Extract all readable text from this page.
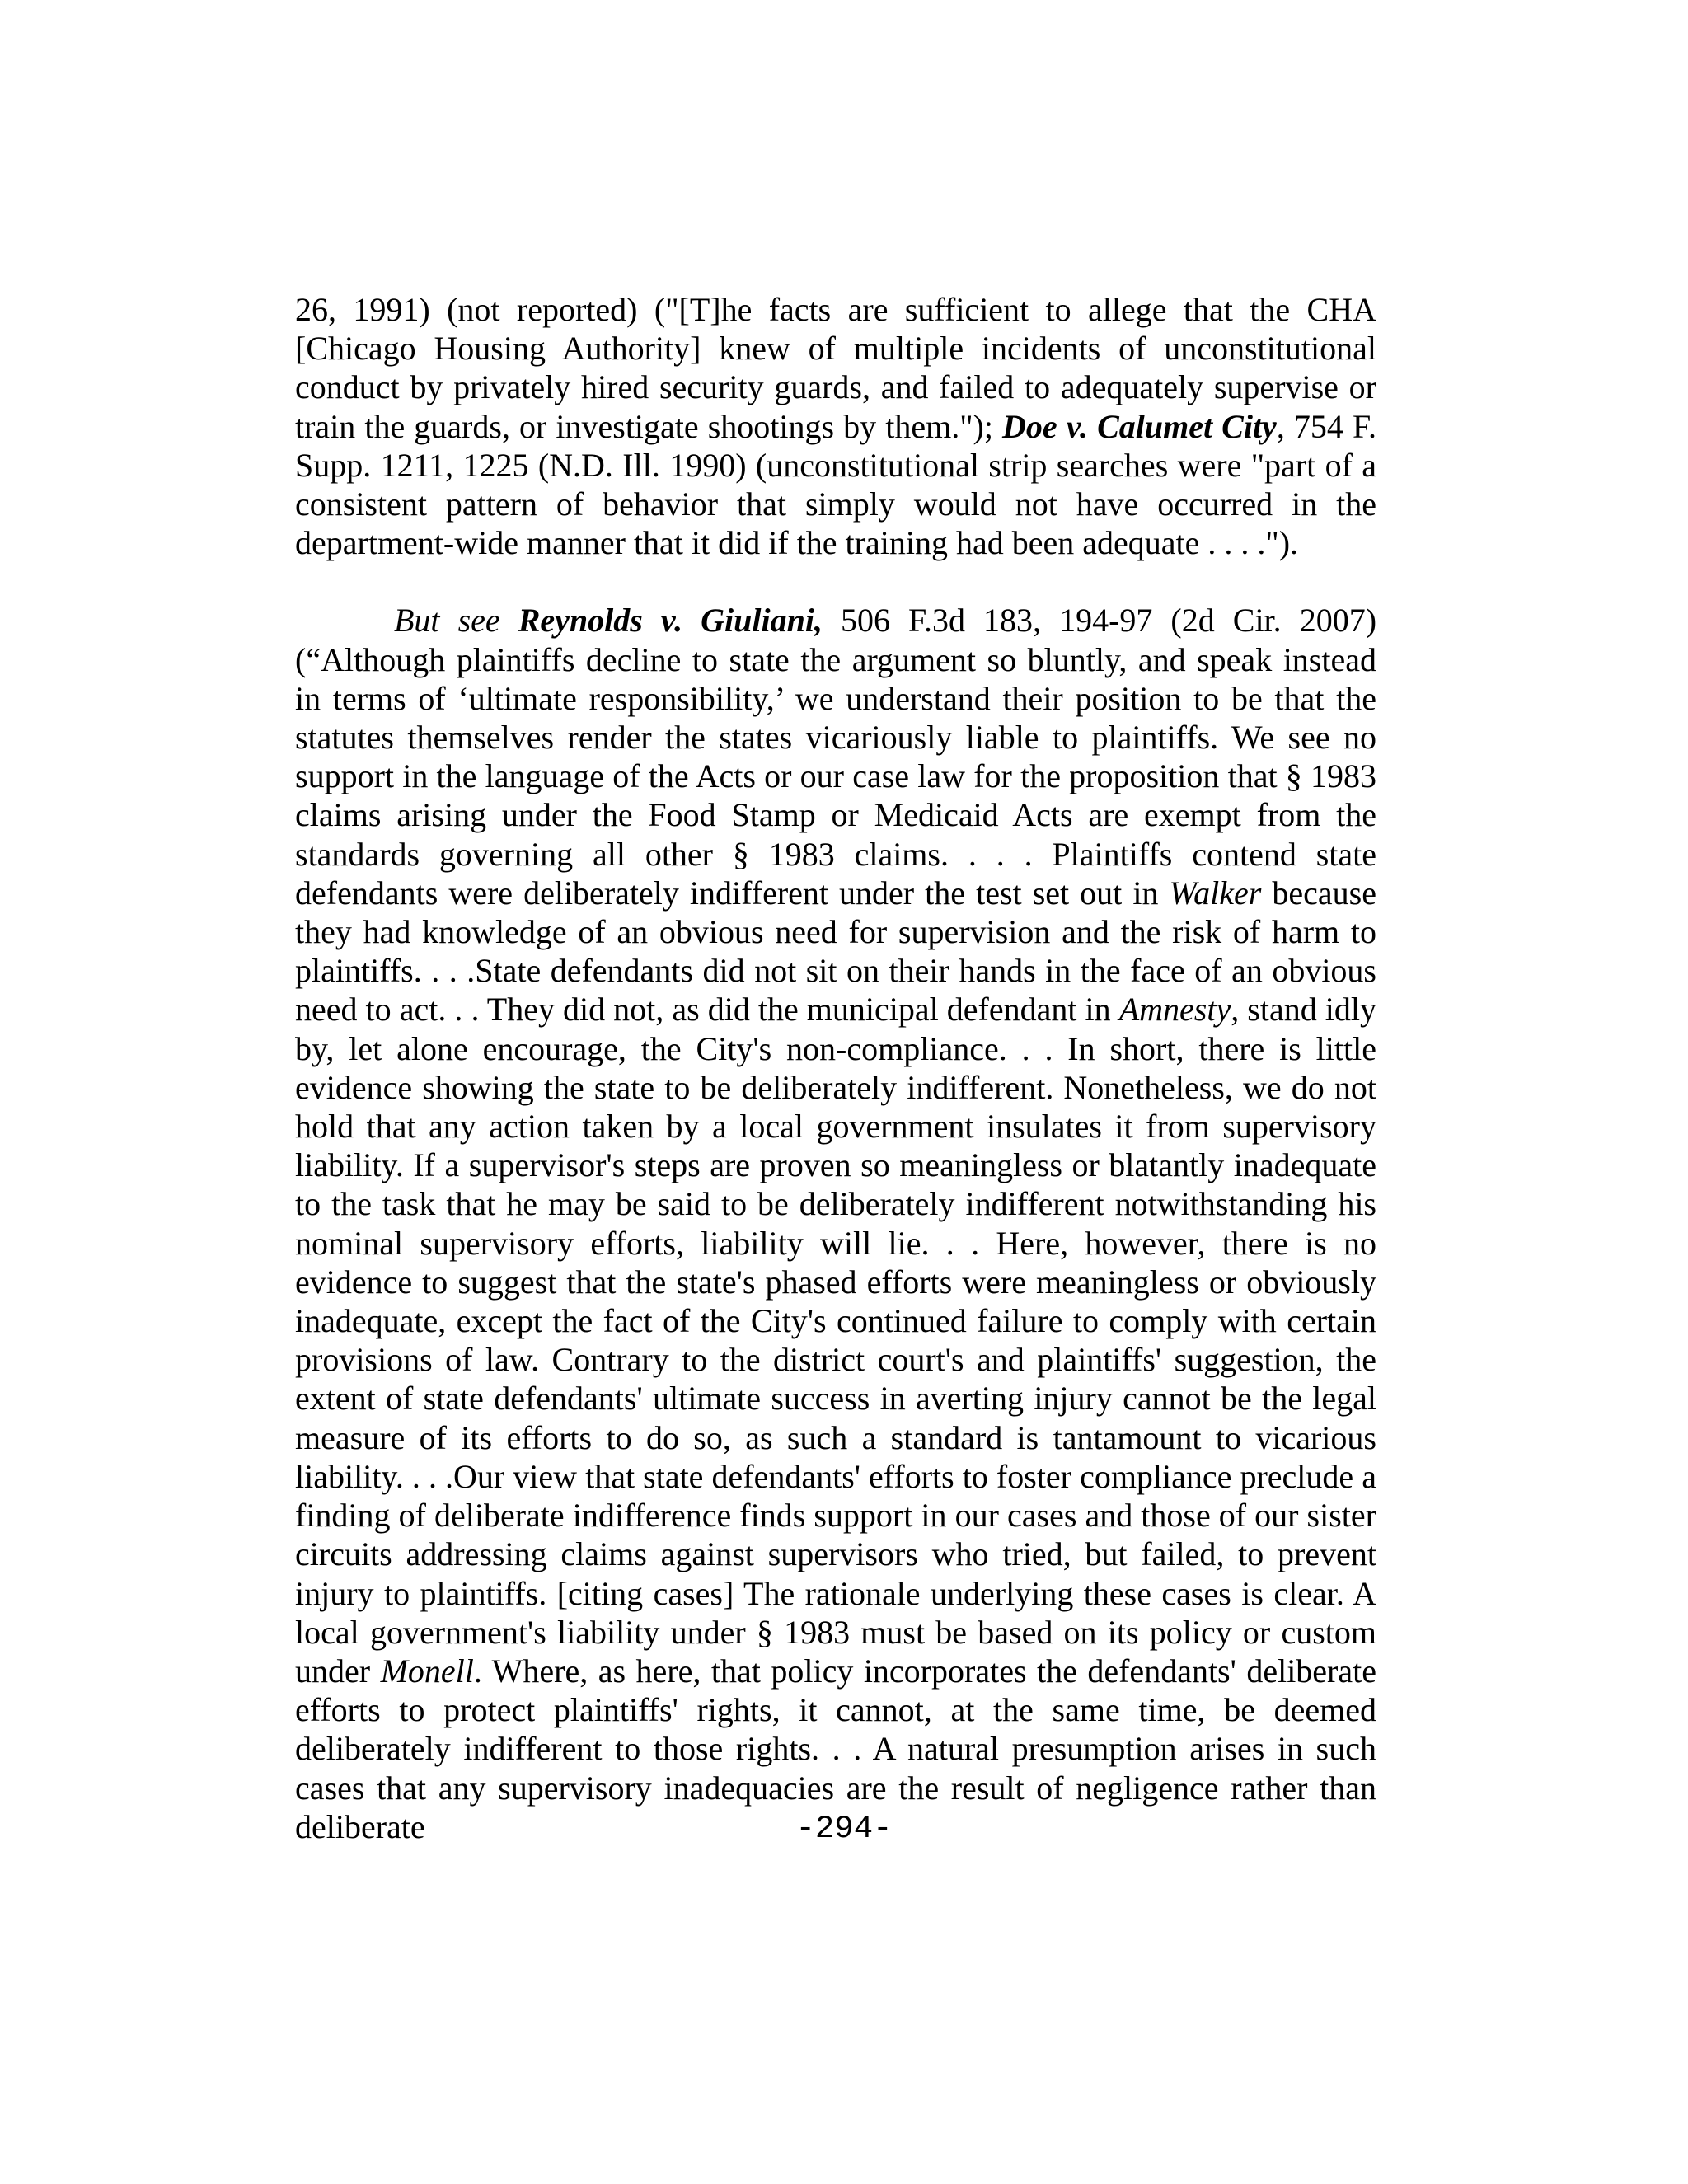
26, 1991) (not reported) ("[T]he facts are sufficient to allege that the CHA [Chicago Housing Authority] knew of multiple incidents of unconstitutional conduct by privately hired security guards, and failed to adequately supervise or train the guards, or investigate shootings by them."); Doe v. Calumet City, 754 F. Supp. 1211, 1225 (N.D. Ill. 1990) (unconstitutional strip searches were "part of a consistent pattern of behavior that simply would not have occurred in the department-wide manner that it did if the training had been adequate . . . .").

But see Reynolds v. Giuliani, 506 F.3d 183, 194-97 (2d Cir. 2007) (“Although plaintiffs decline to state the argument so bluntly, and speak instead in terms of ‘ultimate responsibility,’ we understand their position to be that the statutes themselves render the states vicariously liable to plaintiffs. We see no support in the language of the Acts or our case law for the proposition that § 1983 claims arising under the Food Stamp or Medicaid Acts are exempt from the standards governing all other § 1983 claims. . . . Plaintiffs contend state defendants were deliberately indifferent under the test set out in Walker because they had knowledge of an obvious need for supervision and the risk of harm to plaintiffs. . . .State defendants did not sit on their hands in the face of an obvious need to act. . . They did not, as did the municipal defendant in Amnesty, stand idly by, let alone encourage, the City's non-compliance. . . In short, there is little evidence showing the state to be deliberately indifferent. Nonetheless, we do not hold that any action taken by a local government insulates it from supervisory liability. If a supervisor's steps are proven so meaningless or blatantly inadequate to the task that he may be said to be deliberately indifferent notwithstanding his nominal supervisory efforts, liability will lie. . . Here, however, there is no evidence to suggest that the state's phased efforts were meaningless or obviously inadequate, except the fact of the City's continued failure to comply with certain provisions of law. Contrary to the district court's and plaintiffs' suggestion, the extent of state defendants' ultimate success in averting injury cannot be the legal measure of its efforts to do so, as such a standard is tantamount to vicarious liability. . . .Our view that state defendants' efforts to foster compliance preclude a finding of deliberate indifference finds support in our cases and those of our sister circuits addressing claims against supervisors who tried, but failed, to prevent injury to plaintiffs. [citing cases] The rationale underlying these cases is clear. A local government's liability under § 1983 must be based on its policy or custom under Monell. Where, as here, that policy incorporates the defendants' deliberate efforts to protect plaintiffs' rights, it cannot, at the same time, be deemed deliberately indifferent to those rights. . . A natural presumption arises in such cases that any supervisory inadequacies are the result of negligence rather than deliberate	-294-
